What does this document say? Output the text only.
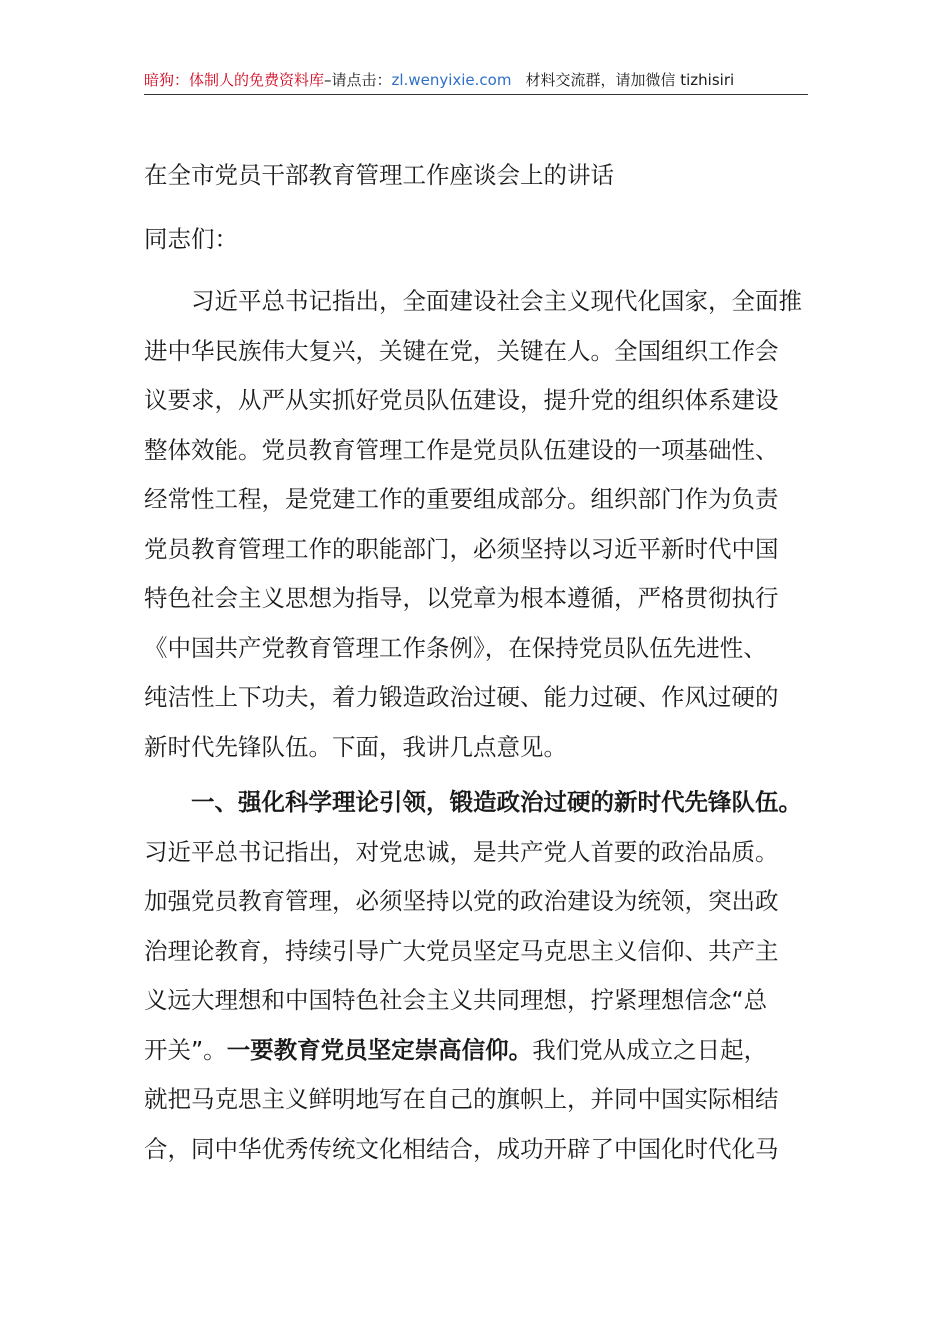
暗狗：体制人的免费资料库–请点击：zl.wenyixie.com 材料交流群，请加微信 tizhisiri
在全市党员干部教育管理工作座谈会上的讲话
同志们：
习近平总书记指出，全面建设社会主义现代化国家，全面推
进中华民族伟大复兴，关键在党，关键在人。全国组织工作会
议要求，从严从实抓好党员队伍建设，提升党的组织体系建设
整体效能。党员教育管理工作是党员队伍建设的一项基础性、
经常性工程，是党建工作的重要组成部分。组织部门作为负责
党员教育管理工作的职能部门，必须坚持以习近平新时代中国
特色社会主义思想为指导，以党章为根本遵循，严格贯彻执行
《中国共产党教育管理工作条例》，在保持党员队伍先进性、
纯洁性上下功夫，着力锻造政治过硬、能力过硬、作风过硬的
新时代先锋队伍。下面，我讲几点意见。
一、强化科学理论引领，锻造政治过硬的新时代先锋队伍。
习近平总书记指出，对党忠诚，是共产党人首要的政治品质。
加强党员教育管理，必须坚持以党的政治建设为统领，突出政
治理论教育，持续引导广大党员坚定马克思主义信仰、共产主
义远大理想和中国特色社会主义共同理想，拧紧理想信念“总
开关”。一要教育党员坚定崇高信仰。我们党从成立之日起，
就把马克思主义鲜明地写在自己的旗帜上，并同中国实际相结
合，同中华优秀传统文化相结合，成功开辟了中国化时代化马
